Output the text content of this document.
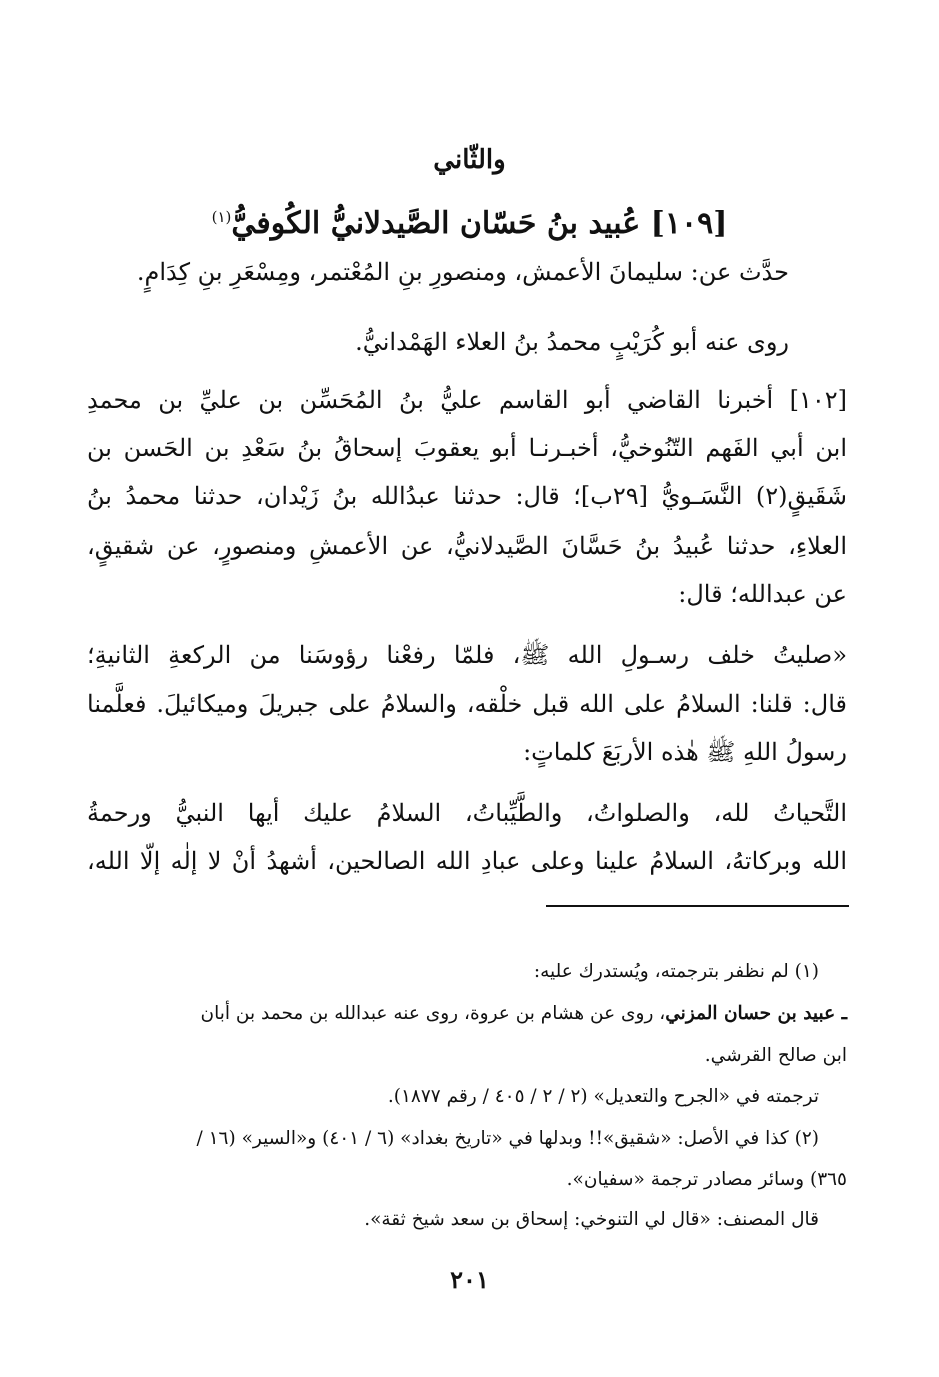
والثّاني
[١٠٩] عُبيد بنُ حَسّان الصَّيدلانيُّ الكُوفيُّ$^{(١)}$
حدَّث عن: سليمانَ الأعمش، ومنصورِ بنِ المُعْتمر، ومِسْعَرِ بنِ كِدَامٍ.
روى عنه أبو كُرَيْبٍ محمدُ بنُ العلاء الهَمْدانيُّ.
[١٠٢] أخبرنا القاضي أبو القاسم عليُّ بنُ المُحَسِّن بن عليِّ بن محمدِ
ابن أبي الفَهم التّنُوخيُّ، أخبـرنـا أبو يعقوبَ إسحاقُ بنُ سَعْدِ بن الحَسن بن
شَقَيقٍ(٢) النَّسَـويُّ [٢٩ب]؛ قال: حدثنا عبدُالله بنُ زَيْدان، حدثنا محمدُ بنُ
العلاءِ، حدثنا عُبيدُ بنُ حَسَّانَ الصَّيدلانيُّ، عن الأعمشِ ومنصورٍ، عن شقيقٍ،
عن عبدالله؛ قال:
«صليتُ خلف رسـولِ الله ﷺ، فلمّا رفعْنا رؤوسَنا من الركعةِ الثانيةِ؛
قال: قلنا: السلامُ على الله قبل خلْقه، والسلامُ على جبريلَ وميكائيلَ. فعلَّمنا
رسولُ اللهِ ﷺ هٰذه الأربَعَ كلماتٍ:
التَّحياتُ لله، والصلواتُ، والطَّيِّباتُ، السلامُ عليك أيها النبيُّ ورحمةُ
الله وبركاتهُ، السلامُ علينا وعلى عبادِ الله الصالحين، أشهدُ أنْ لا إلٰه إلّا الله،
(١) لم نظفر بترجمته، ويُستدرك عليه:
ـ عبيد بن حسان المزني، روى عن هشام بن عروة، روى عنه عبدالله بن محمد بن أبان
ابن صالح القرشي.
ترجمته في «الجرح والتعديل» (٢ / ٢ / ٤٠٥ / رقم ١٨٧٧).
(٢) كذا في الأصل: «شقيق»!! وبدلها في «تاريخ بغداد» (٦ / ٤٠١) و«السير» (١٦ /
٣٦٥) وسائر مصادر ترجمة «سفيان».
قال المصنف: «قال لي التنوخي: إسحاق بن سعد شيخ ثقة».
٢٠١
